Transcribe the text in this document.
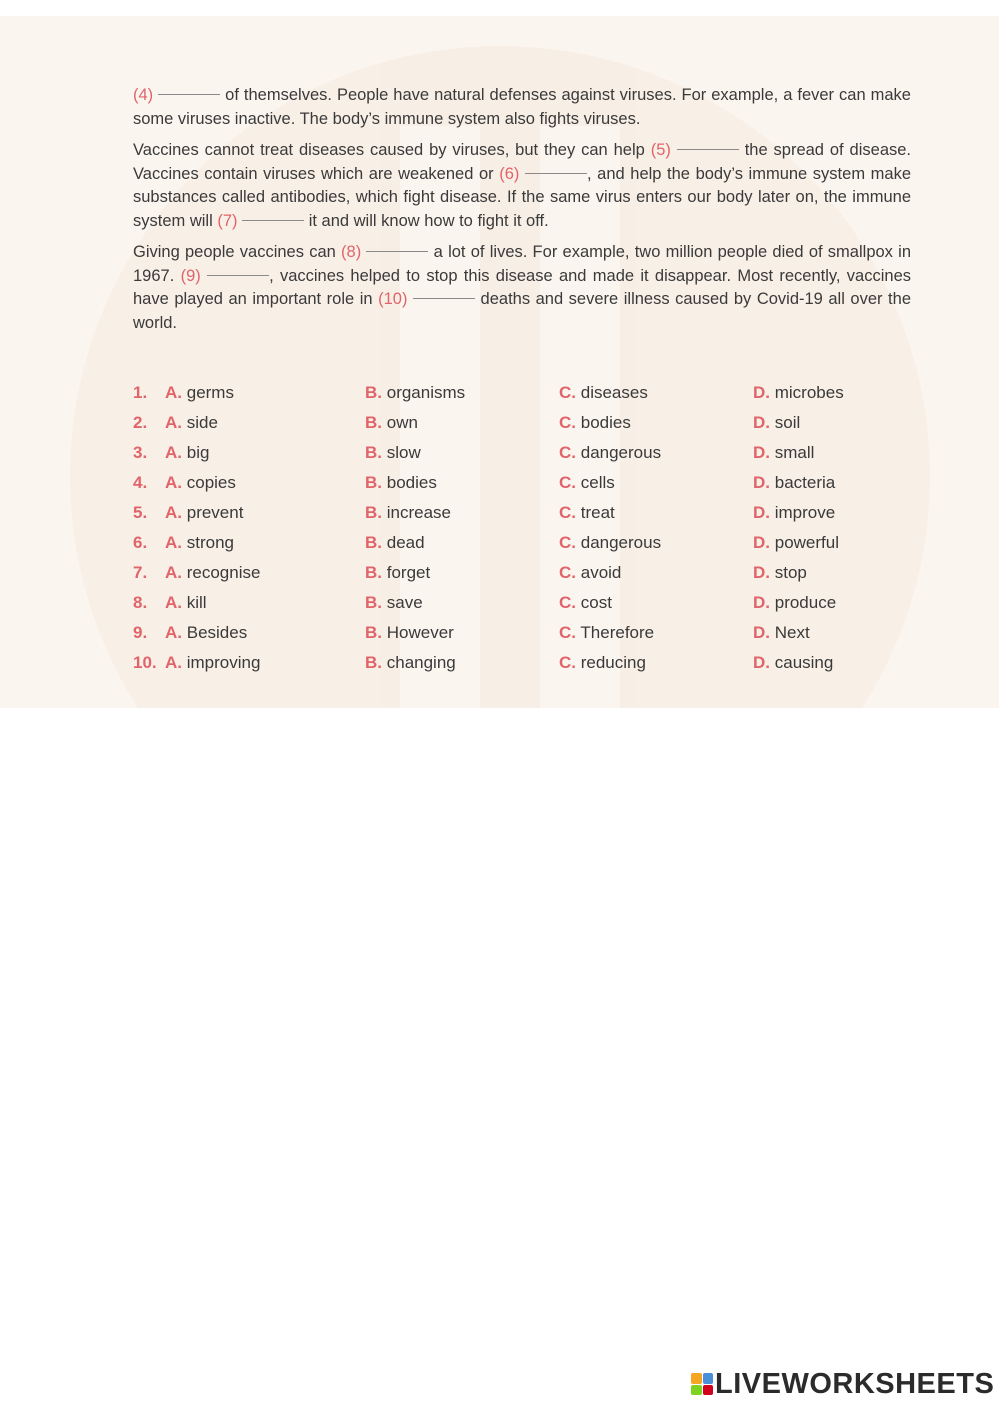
(4)	of themselves. People have natural defenses against viruses. For example, a fever can make some viruses inactive. The body’s immune system also fights viruses.

Vaccines cannot treat diseases caused by viruses, but they can help (5)	the spread of disease. Vaccines contain viruses which are weakened or (6)	, and help the body’s immune system make substances called antibodies, which fight disease. If the same virus enters our body later on, the immune system will (7)	it and will know how to fight it off.

Giving people vaccines can (8)	a lot of lives. For example, two million people died of smallpox in 1967. (9)	, vaccines helped to stop this disease and made it disappear. Most recently, vaccines have played an important role in (10)	deaths and severe illness caused by Covid-19 all over the world.

1. A. germs	B. organisms	C. diseases	D. microbes
2. A. side	B. own	C. bodies	D. soil
3. A. big	B. slow	C. dangerous	D. small
4. A. copies	B. bodies	C. cells	D. bacteria
5. A. prevent	B. increase	C. treat	D. improve
6. A. strong	B. dead	C. dangerous	D. powerful
7. A. recognise	B. forget	C. avoid	D. stop
8. A. kill	B. save	C. cost	D. produce
9. A. Besides	B. However	C. Therefore	D. Next
10. A. improving	B. changing	C. reducing	D. causing
LIVEWORKSHEETS
